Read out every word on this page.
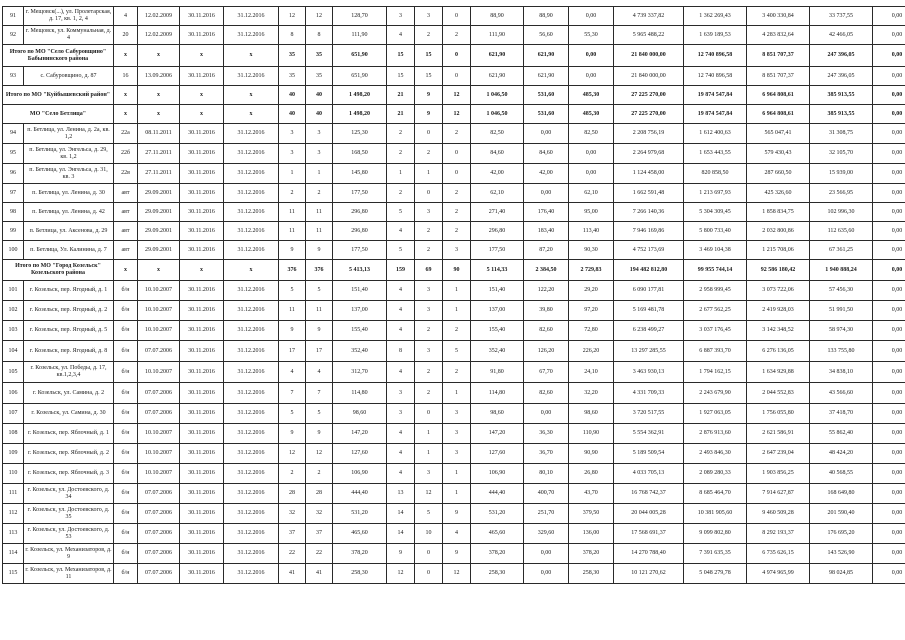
91	г. Мещовск(...), ул. Пролетарская, д. 17, кв. 1, 2, 4	4	12.02.2009	30.11.2016	31.12.2016	12	12	128,70	3	3	0	88,90	88,90	0,00	4 739 337,82	1 362 269,43	3 400 330,84	33 737,55	0,00
92	г. Мещовск, ул. Коммунальная, д. 4	20	12.02.2009	30.11.2016	31.12.2016	8	8	111,90	4	2	2	111,90	56,60	55,30	5 965 488,22	1 639 189,53	4 283 832,64	42 466,05	0,00
Итого по МО "Село Сабуровщино" Бабынинского района		x	x	x	x	35	35	651,90	15	15	0	621,90	621,90	0,00	21 840 000,00	12 740 896,58	8 851 707,37	247 396,05	0,00
93	с. Сабуровщино, д. 87	16	13.09.2006	30.11.2016	31.12.2016	35	35	651,90	15	15	0	621,90	621,90	0,00	21 840 000,00	12 740 896,58	8 851 707,37	247 396,05	0,00
Итого по МО "Куйбышевский район"		x	x	x	x	40	40	1 498,20	21	9	12	1 046,50	531,60	485,30	27 225 270,00	19 874 547,84	6 964 808,61	385 913,55	0,00
МО "Село Бетлица"		x	x	x	x	40	40	1 498,20	21	9	12	1 046,50	531,60	485,30	27 225 270,00	19 874 547,84	6 964 808,61	385 913,55	0,00
94	п. Бетлица, ул. Ленина, д. 2а, кв. 1,2	22а	08.11.2011	30.11.2016	31.12.2016	3	3	125,30	2	0	2	82,50	0,00	82,50	2 208 756,19	1 612 400,63	565 047,41	31 308,75	0,00
95	п. Бетлица, ул. Энгельса, д. 29, кв. 1,2	22б	27.11.2011	30.11.2016	31.12.2016	3	3	168,50	2	2	0	84,60	84,60	0,00	2 264 979,68	1 653 443,55	579 430,43	32 105,70	0,00
96	п. Бетлица, ул. Энгельса, д. 31, кв. 3	22в	27.11.2011	30.11.2016	31.12.2016	1	1	145,80	1	1	0	42,00	42,00	0,00	1 124 458,00	820 858,50	287 660,50	15 939,00	0,00
97	п. Бетлица, ул. Ленина, д. 30	авт	29.09.2001	30.11.2016	31.12.2016	2	2	177,50	2	0	2	62,10	0,00	62,10	1 662 591,48	1 213 697,93	425 326,60	23 566,95	0,00
98	п. Бетлица, ул. Ленина, д. 42	авт	29.09.2001	30.11.2016	31.12.2016	11	11	296,80	5	3	2	271,40	176,40	95,00	7 266 140,36	5 304 309,45	1 858 834,75	102 996,30	0,00
99	п. Бетлица, ул. Аксенова, д. 29	авт	29.09.2001	30.11.2016	31.12.2016	11	11	296,80	4	2	2	296,80	183,40	113,40	7 946 169,86	5 800 733,40	2 032 800,86	112 635,60	0,00
100	п. Бетлица, Ул. Калинина, д. 7	авт	29.09.2001	30.11.2016	31.12.2016	9	9	177,50	5	2	3	177,50	87,20	90,30	4 752 173,69	3 469 104,38	1 215 708,06	67 361,25	0,00
Итого по МО "Город Козельск" Козельского района		x	x	x	x	376	376	5 413,13	159	69	90	5 114,33	2 384,50	2 729,83	194 482 812,80	99 955 744,14	92 586 180,42	1 940 888,24	0,00
101	г. Козельск, пер. Ягодный, д. 1	б/н	10.10.2007	30.11.2016	31.12.2016	5	5	151,40	4	3	1	151,40	122,20	29,20	6 090 177,81	2 958 999,45	3 073 722,06	57 456,30	0,00
102	г. Козельск, пер. Ягодный, д. 2	б/н	10.10.2007	30.11.2016	31.12.2016	11	11	137,00	4	3	1	137,00	39,80	97,20	5 169 481,78	2 677 562,25	2 419 928,03	51 991,50	0,00
103	г. Козельск, пер. Ягодный, д. 5	б/н	10.10.2007	30.11.2016	31.12.2016	9	9	155,40	4	2	2	155,40	82,60	72,80	6 238 499,27	3 037 176,45	3 142 348,52	58 974,30	0,00
104	г. Козельск, пер. Ягодный, д. 8	б/н	07.07.2006	30.11.2016	31.12.2016	17	17	352,40	8	3	5	352,40	126,20	226,20	13 297 285,55	6 887 393,70	6 276 136,05	133 755,80	0,00
105	г. Козельск, ул. Победы, д. 17, кв.1,2,3,4	б/н	10.10.2007	30.11.2016	31.12.2016	4	4	312,70	4	2	2	91,80	67,70	24,10	3 463 930,13	1 794 162,15	1 634 929,88	34 838,10	0,00
106	г. Козельск, ул. Самина, д. 2	б/н	07.07.2006	30.11.2016	31.12.2016	7	7	114,80	3	2	1	114,80	82,60	32,20	4 331 709,33	2 243 679,90	2 044 552,83	43 566,60	0,00
107	г. Козельск, ул. Самина, д. 30	б/н	07.07.2006	30.11.2016	31.12.2016	5	5	98,60	3	0	3	98,60	0,00	98,60	3 720 517,55	1 927 063,05	1 756 055,80	37 418,70	0,00
108	г. Козельск, пер. Яблочный, д. 1	б/н	10.10.2007	30.11.2016	31.12.2016	9	9	147,20	4	1	3	147,20	36,30	110,90	5 554 362,91	2 876 913,60	2 621 586,91	55 862,40	0,00
109	г. Козельск, пер. Яблочный, д. 2	б/н	10.10.2007	30.11.2016	31.12.2016	12	12	127,60	4	1	3	127,60	36,70	90,90	5 189 509,54	2 493 846,30	2 647 239,04	48 424,20	0,00
110	г. Козельск, пер. Яблочный, д. 3	б/н	10.10.2007	30.11.2016	31.12.2016	2	2	106,90	4	3	1	106,90	80,10	26,80	4 033 705,13	2 089 280,33	1 903 856,25	40 568,55	0,00
111	г. Козельск, ул. Достоевского, д. 34	б/н	07.07.2006	30.11.2016	31.12.2016	28	28	444,40	13	12	1	444,40	400,70	43,70	16 768 742,37	8 685 464,70	7 914 627,87	168 649,80	0,00
112	г. Козельск, ул. Достоевского, д. 35	б/н	07.07.2006	30.11.2016	31.12.2016	32	32	531,20	14	5	9	531,20	251,70	379,50	20 044 005,28	10 381 905,60	9 460 509,28	201 590,40	0,00
113	г. Козельск, ул. Достоевского, д. 53	б/н	07.07.2006	30.11.2016	31.12.2016	37	37	465,60	14	10	4	465,60	329,60	136,00	17 568 691,37	9 099 802,80	8 292 193,37	176 695,20	0,00
114	г. Козельск, ул. Механизаторов, д. 9	б/н	07.07.2006	30.11.2016	31.12.2016	22	22	378,20	9	0	9	378,20	0,00	378,20	14 270 788,40	7 391 635,35	6 735 626,15	143 526,90	0,00
115	г. Козельск, ул. Механизаторов, д. 11	б/н	07.07.2006	30.11.2016	31.12.2016	41	41	258,30	12	0	12	258,30	0,00	258,30	10 121 270,62	5 048 279,78	4 974 965,99	98 024,85	0,00
